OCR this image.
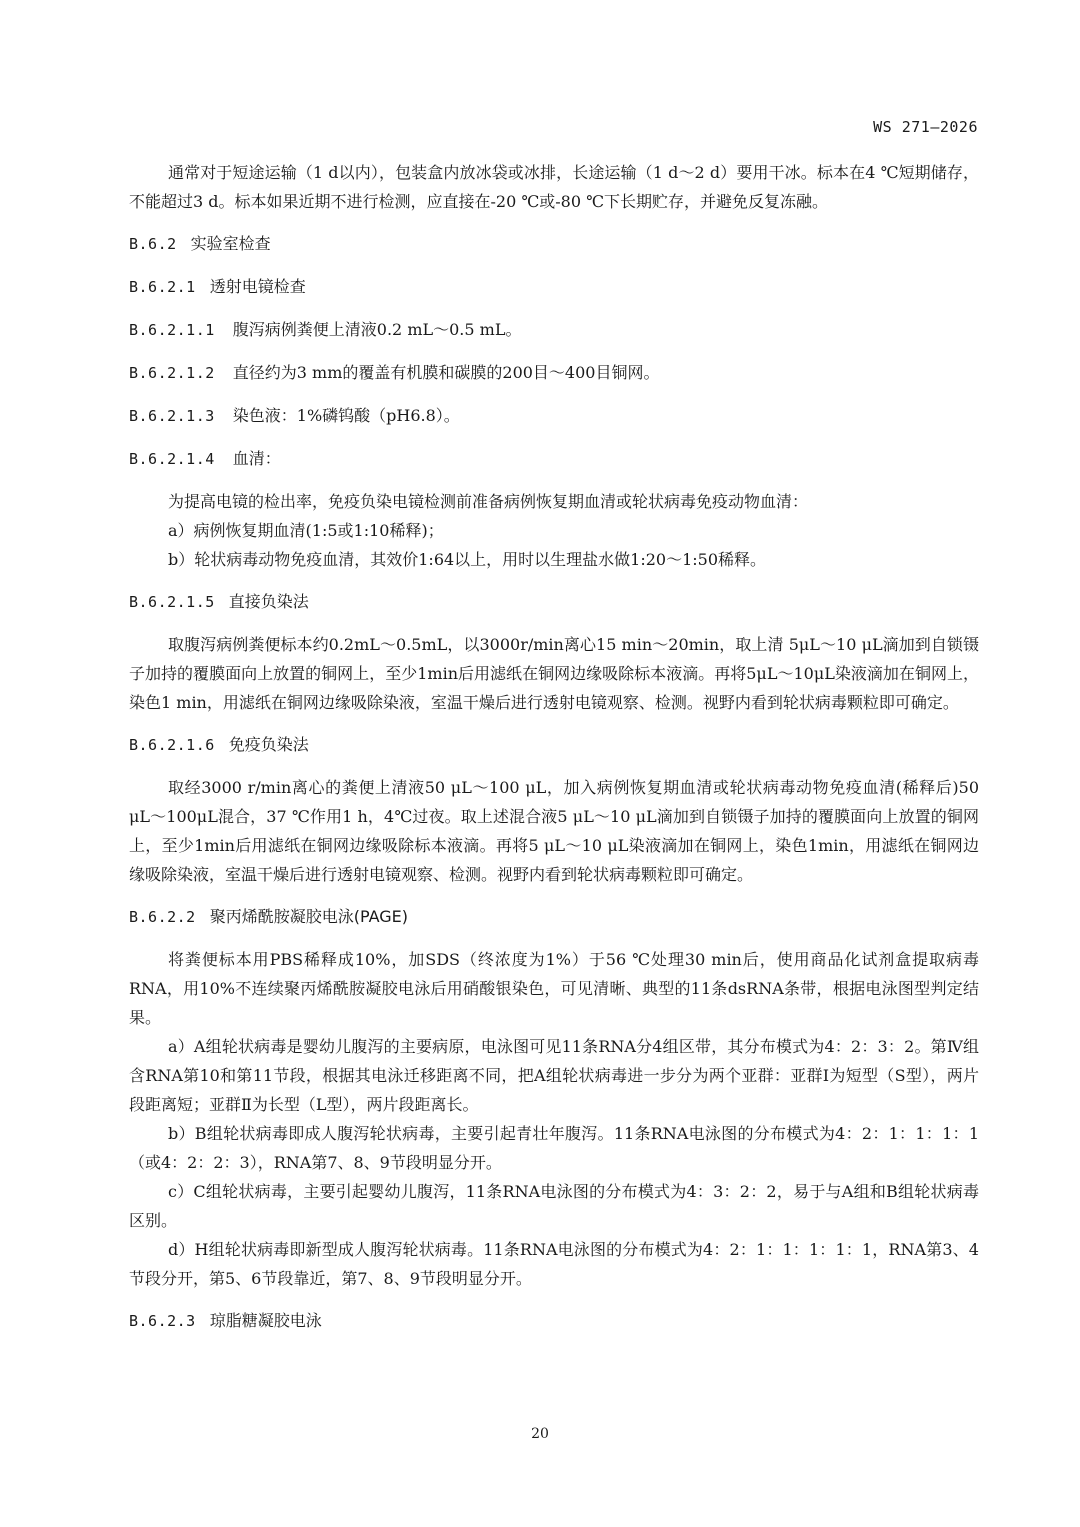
WS 271—2026

通常对于短途运输（1 d以内），包装盒内放冰袋或冰排，长途运输（1 d～2 d）要用干冰。标本在4 ℃短期储存，不能超过3 d。标本如果近期不进行检测，应直接在-20 ℃或-80 ℃下长期贮存，并避免反复冻融。

B.6.2 实验室检查
B.6.2.1 透射电镜检查
B.6.2.1.1 腹泻病例粪便上清液0.2 mL～0.5 mL。
B.6.2.1.2 直径约为3 mm的覆盖有机膜和碳膜的200目～400目铜网。
B.6.2.1.3 染色液：1%磷钨酸（pH6.8）。
B.6.2.1.4 血清：

为提高电镜的检出率，免疫负染电镜检测前准备病例恢复期血清或轮状病毒免疫动物血清：

a）病例恢复期血清(1:5或1:10稀释)；

b）轮状病毒动物免疫血清，其效价1:64以上，用时以生理盐水做1:20～1:50稀释。

B.6.2.1.5 直接负染法

取腹泻病例粪便标本约0.2mL～0.5mL，以3000r/min离心15 min～20min，取上清 5μL～10 μL滴加到自锁镊子加持的覆膜面向上放置的铜网上，至少1min后用滤纸在铜网边缘吸除标本液滴。再将5μL～10μL染液滴加在铜网上，染色1 min，用滤纸在铜网边缘吸除染液，室温干燥后进行透射电镜观察、检测。视野内看到轮状病毒颗粒即可确定。

B.6.2.1.6 免疫负染法

取经3000 r/min离心的粪便上清液50 μL～100 μL，加入病例恢复期血清或轮状病毒动物免疫血清(稀释后)50 μL～100μL混合，37 ℃作用1 h，4℃过夜。取上述混合液5 μL～10 μL滴加到自锁镊子加持的覆膜面向上放置的铜网上，至少1min后用滤纸在铜网边缘吸除标本液滴。再将5 μL～10 μL染液滴加在铜网上，染色1min，用滤纸在铜网边缘吸除染液，室温干燥后进行透射电镜观察、检测。视野内看到轮状病毒颗粒即可确定。

B.6.2.2 聚丙烯酰胺凝胶电泳(PAGE)

将粪便标本用PBS稀释成10%，加SDS（终浓度为1%）于56 ℃处理30 min后，使用商品化试剂盒提取病毒RNA，用10%不连续聚丙烯酰胺凝胶电泳后用硝酸银染色，可见清晰、典型的11条dsRNA条带，根据电泳图型判定结果。

a）A组轮状病毒是婴幼儿腹泻的主要病原，电泳图可见11条RNA分4组区带，其分布模式为4：2：3：2。第Ⅳ组含RNA第10和第11节段，根据其电泳迁移距离不同，把A组轮状病毒进一步分为两个亚群：亚群Ⅰ为短型（S型），两片段距离短；亚群Ⅱ为长型（L型），两片段距离长。

b）B组轮状病毒即成人腹泻轮状病毒，主要引起青壮年腹泻。11条RNA电泳图的分布模式为4：2：1：1：1：1（或4：2：2：3），RNA第7、8、9节段明显分开。

c）C组轮状病毒，主要引起婴幼儿腹泻，11条RNA电泳图的分布模式为4：3：2：2，易于与A组和B组轮状病毒区别。

d）H组轮状病毒即新型成人腹泻轮状病毒。11条RNA电泳图的分布模式为4：2：1：1：1：1：1，RNA第3、4节段分开，第5、6节段靠近，第7、8、9节段明显分开。

B.6.2.3 琼脂糖凝胶电泳
20
